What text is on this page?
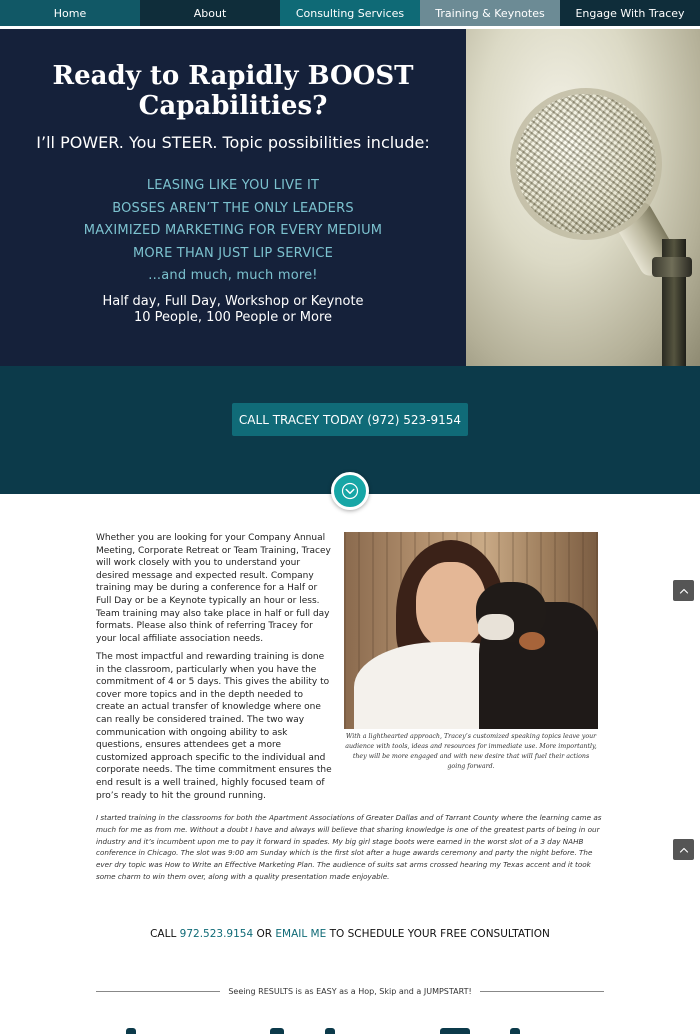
Home	About	Consulting Services	Training & Keynotes	Engage With Tracey
Ready to Rapidly BOOST
Capabilities?
I’ll POWER. You STEER. Topic possibilities include:
LEASING LIKE YOU LIVE IT
BOSSES AREN’T THE ONLY LEADERS
MAXIMIZED MARKETING FOR EVERY MEDIUM
MORE THAN JUST LIP SERVICE
...and much, much more!
Half day, Full Day, Workshop or Keynote
10 People, 100 People or More
CALL TRACEY TODAY (972) 523-9154

Whether you are looking for your Company Annual Meeting, Corporate Retreat or Team Training, Tracey will work closely with you to understand your desired message and expected result. Company training may be during a conference for a Half or Full Day or be a Keynote typically an hour or less. Team training may also take place in half or full day formats. Please also think of referring Tracey for your local affiliate association needs.

The most impactful and rewarding training is done in the classroom, particularly when you have the commitment of 4 or 5 days. This gives the ability to cover more topics and in the depth needed to create an actual transfer of knowledge where one can really be considered trained. The two way communication with ongoing ability to ask questions, ensures attendees get a more customized approach specific to the individual and corporate needs. The time commitment ensures the end result is a well trained, highly focused team of pro’s ready to hit the ground running.

With a lighthearted approach, Tracey’s customized speaking topics leave your audience with tools, ideas and resources for immediate use. More importantly, they will be more engaged and with new desire that will fuel their actions going forward.

I started training in the classrooms for both the Apartment Associations of Greater Dallas and of Tarrant County where the learning came as much for me as from me. Without a doubt I have and always will believe that sharing knowledge is one of the greatest parts of being in our industry and it’s incumbent upon me to pay it forward in spades. My big girl stage boots were earned in the worst slot of a 3 day NAHB conference in Chicago. The slot was 9:00 am Sunday which is the first slot after a huge awards ceremony and party the night before. The ever dry topic was How to Write an Effective Marketing Plan. The audience of suits sat arms crossed hearing my Texas accent and it took some charm to win them over, along with a quality presentation made enjoyable.

CALL 972.523.9154 OR EMAIL ME TO SCHEDULE YOUR FREE CONSULTATION
Seeing RESULTS is as EASY as a Hop, Skip and a JUMPSTART!
